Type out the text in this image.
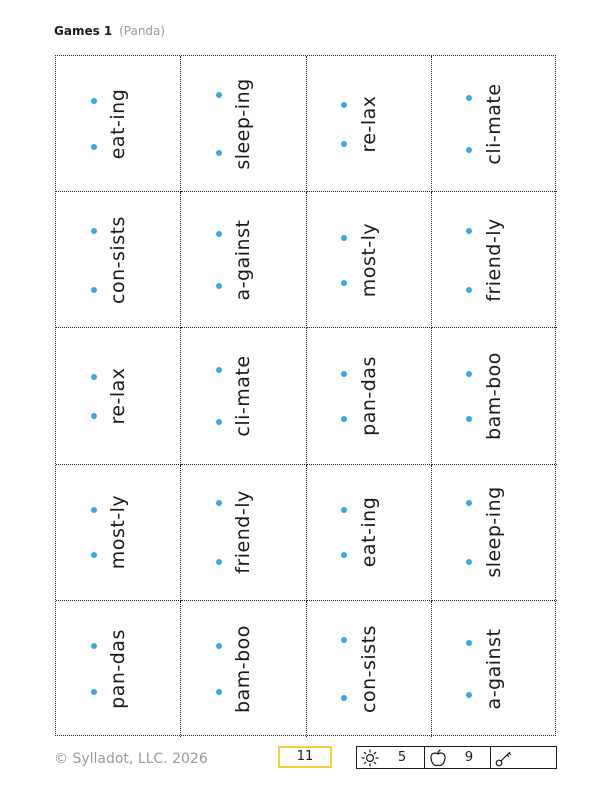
Games 1 (Panda)
eat-ing	sleep-ing	re-lax	cli-mate
con-sists	a-gainst	most-ly	friend-ly
re-lax	cli-mate	pan-das	bam-boo
most-ly	friend-ly	eat-ing	sleep-ing
pan-das	bam-boo	con-sists	a-gainst
© Sylladot, LLC. 2026	11	5	9
